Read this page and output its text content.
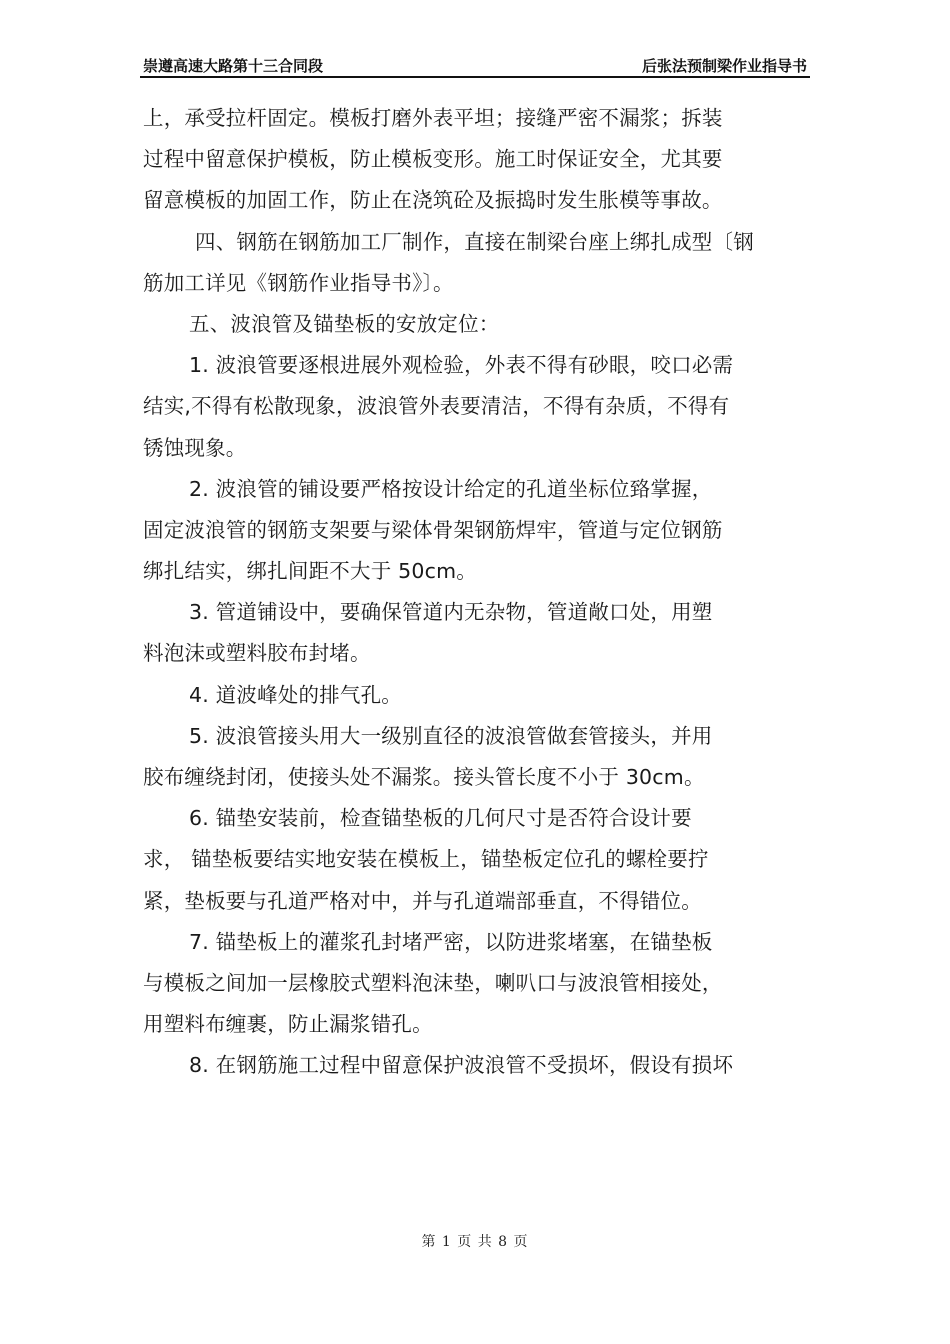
崇遵高速大路第十三合同段	后张法预制梁作业指导书
上，承受拉杆固定。模板打磨外表平坦；接缝严密不漏浆；拆装
过程中留意保护模板，防止模板变形。施工时保证安全，尤其要
留意模板的加固工作，防止在浇筑砼及振捣时发生胀模等事故。
四、钢筋在钢筋加工厂制作，直接在制梁台座上绑扎成型〔钢
筋加工详见《钢筋作业指导书》〕。
五、波浪管及锚垫板的安放定位：
1. 波浪管要逐根进展外观检验，外表不得有砂眼，咬口必需
结实,不得有松散现象，波浪管外表要清洁，不得有杂质，不得有
锈蚀现象。
2. 波浪管的铺设要严格按设计给定的孔道坐标位臵掌握，
固定波浪管的钢筋支架要与梁体骨架钢筋焊牢，管道与定位钢筋
绑扎结实，绑扎间距不大于 50cm。
3. 管道铺设中，要确保管道内无杂物，管道敞口处，用塑
料泡沫或塑料胶布封堵。
4. 道波峰处的排气孔。
5. 波浪管接头用大一级别直径的波浪管做套管接头，并用
胶布缠绕封闭，使接头处不漏浆。接头管长度不小于 30cm。
6. 锚垫安装前，检查锚垫板的几何尺寸是否符合设计要
求， 锚垫板要结实地安装在模板上，锚垫板定位孔的螺栓要拧
紧，垫板要与孔道严格对中，并与孔道端部垂直，不得错位。
7. 锚垫板上的灌浆孔封堵严密，以防进浆堵塞，在锚垫板
与模板之间加一层橡胶式塑料泡沫垫，喇叭口与波浪管相接处，
用塑料布缠裹，防止漏浆错孔。
8. 在钢筋施工过程中留意保护波浪管不受损坏，假设有损坏
第 1 页 共 8 页
